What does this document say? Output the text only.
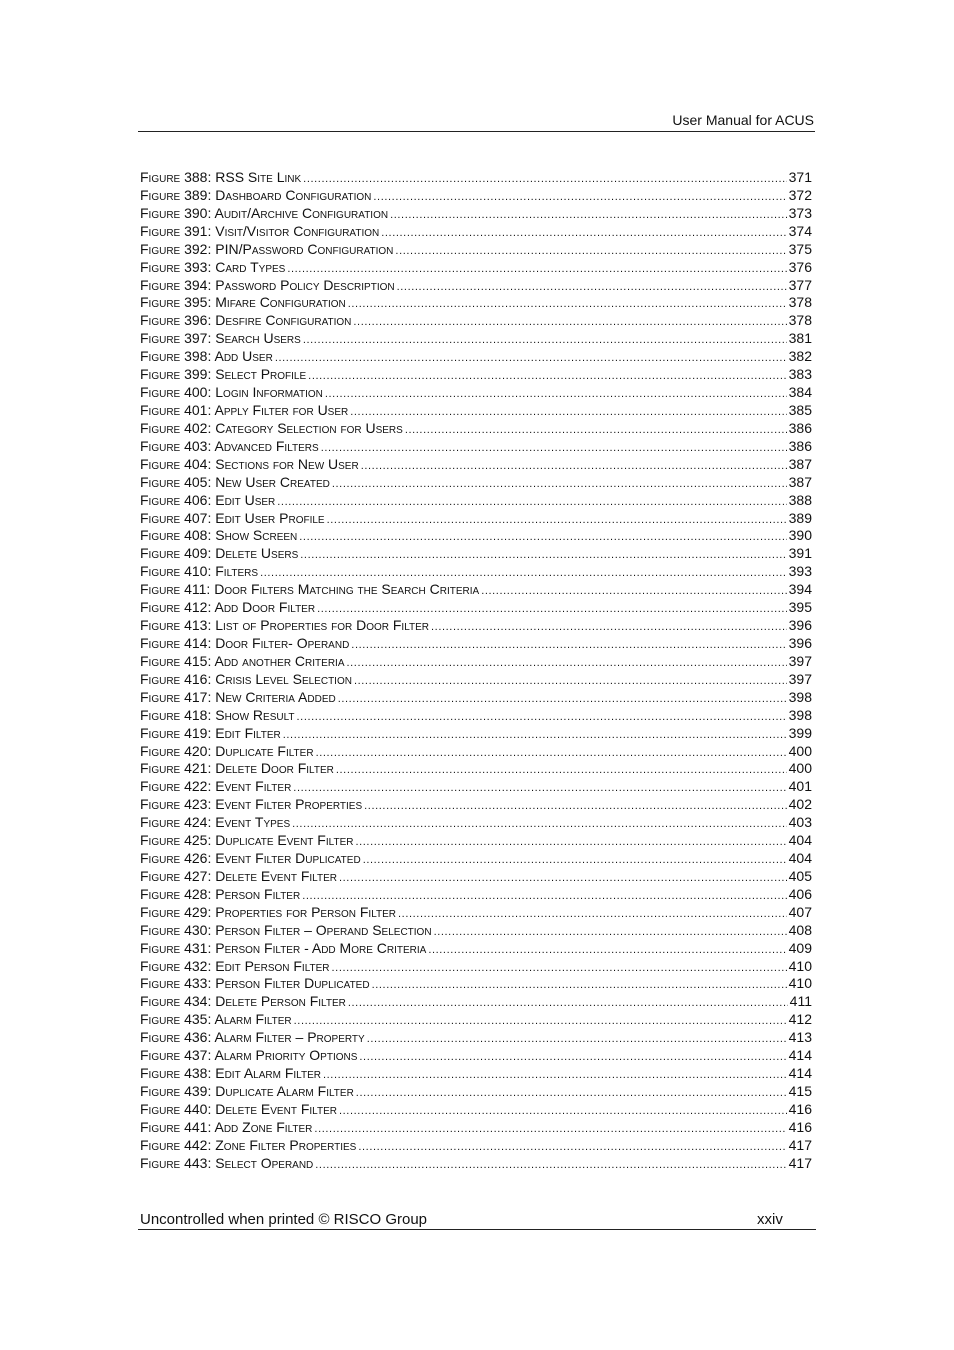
User Manual for ACUS
Figure 388: RSS Site Link .....	371
Figure 389: Dashboard Configuration .....	372
Figure 390: Audit/Archive Configuration .....	373
Figure 391: Visit/Visitor Configuration .....	374
Figure 392: PIN/Password Configuration .....	375
Figure 393: Card Types .....	376
Figure 394: Password Policy Description .....	377
Figure 395: Mifare Configuration .....	378
Figure 396: Desfire Configuration .....	378
Figure 397: Search Users .....	381
Figure 398: Add User .....	382
Figure 399: Select Profile .....	383
Figure 400: Login Information .....	384
Figure 401: Apply Filter for User .....	385
Figure 402: Category Selection for Users .....	386
Figure 403: Advanced Filters .....	386
Figure 404: Sections for New User .....	387
Figure 405: New User Created .....	387
Figure 406: Edit User .....	388
Figure 407: Edit User Profile .....	389
Figure 408: Show Screen .....	390
Figure 409: Delete Users .....	391
Figure 410: Filters .....	393
Figure 411: Door Filters Matching the Search Criteria .....	394
Figure 412: Add Door Filter .....	395
Figure 413: List of Properties for Door Filter .....	396
Figure 414: Door Filter- Operand .....	396
Figure 415: Add another Criteria .....	397
Figure 416: Crisis Level Selection .....	397
Figure 417: New Criteria Added .....	398
Figure 418: Show Result .....	398
Figure 419: Edit Filter .....	399
Figure 420: Duplicate Filter .....	400
Figure 421: Delete Door Filter .....	400
Figure 422: Event Filter .....	401
Figure 423: Event Filter Properties .....	402
Figure 424: Event Types .....	403
Figure 425: Duplicate Event Filter .....	404
Figure 426: Event Filter Duplicated .....	404
Figure 427: Delete Event Filter .....	405
Figure 428: Person Filter .....	406
Figure 429: Properties for Person Filter .....	407
Figure 430: Person Filter – Operand Selection .....	408
Figure 431: Person Filter - Add More Criteria .....	409
Figure 432: Edit Person Filter .....	410
Figure 433: Person Filter Duplicated .....	410
Figure 434: Delete Person Filter .....	411
Figure 435: Alarm Filter .....	412
Figure 436: Alarm Filter – Property .....	413
Figure 437: Alarm Priority Options .....	414
Figure 438: Edit Alarm Filter .....	414
Figure 439: Duplicate Alarm Filter .....	415
Figure 440: Delete Event Filter .....	416
Figure 441: Add Zone Filter .....	416
Figure 442: Zone Filter Properties .....	417
Figure 443: Select Operand .....	417
Uncontrolled when printed © RISCO Group	xxiv
